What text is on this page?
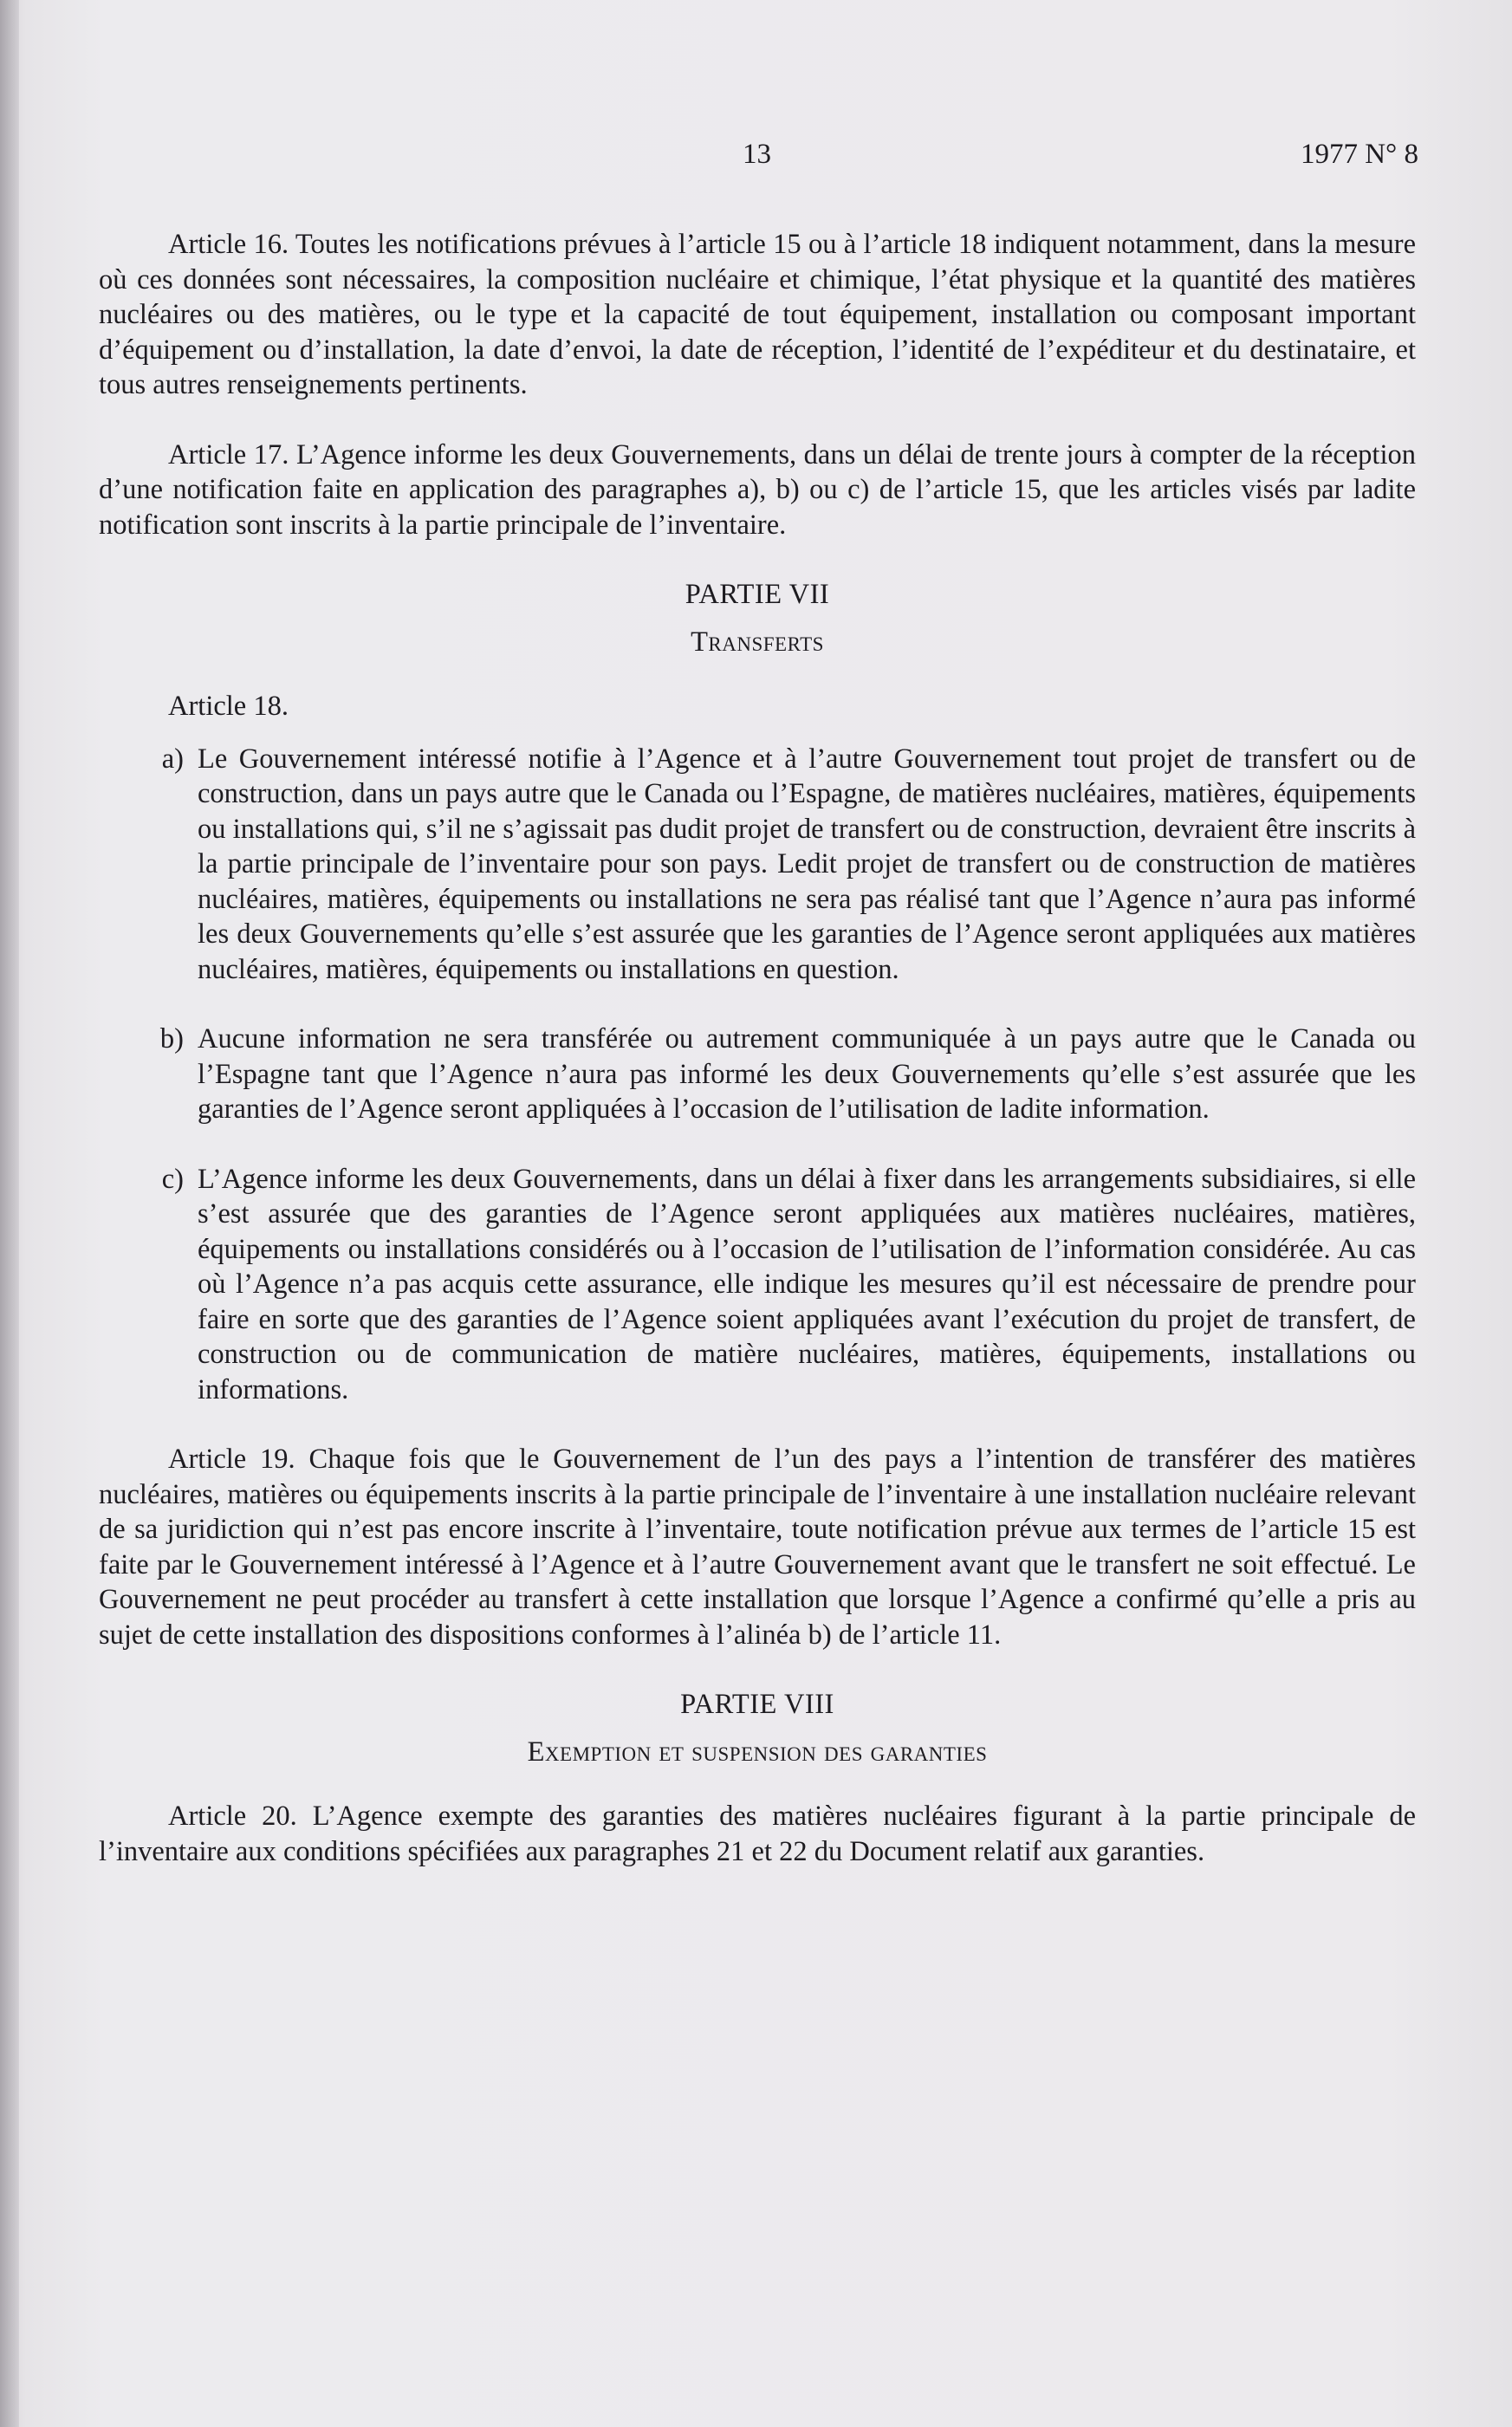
13	1977 N° 8

Article 16. Toutes les notifications prévues à l’article 15 ou à l’article 18 indiquent notamment, dans la mesure où ces données sont nécessaires, la composition nucléaire et chimique, l’état physique et la quantité des matières nucléaires ou des matières, ou le type et la capacité de tout équipement, installation ou composant important d’équipement ou d’installation, la date d’envoi, la date de réception, l’identité de l’expéditeur et du destinataire, et tous autres renseignements pertinents.

Article 17. L’Agence informe les deux Gouvernements, dans un délai de trente jours à compter de la réception d’une notification faite en application des paragraphes a), b) ou c) de l’article 15, que les articles visés par ladite notification sont inscrits à la partie principale de l’inventaire.

PARTIE VII
Transferts

Article 18.

a) Le Gouvernement intéressé notifie à l’Agence et à l’autre Gouvernement tout projet de transfert ou de construction, dans un pays autre que le Canada ou l’Espagne, de matières nucléaires, matières, équipements ou installations qui, s’il ne s’agissait pas dudit projet de transfert ou de construction, devraient être inscrits à la partie principale de l’inventaire pour son pays. Ledit projet de transfert ou de construction de matières nucléaires, matières, équipements ou installations ne sera pas réalisé tant que l’Agence n’aura pas informé les deux Gouvernements qu’elle s’est assurée que les garanties de l’Agence seront appliquées aux matières nucléaires, matières, équipements ou installations en question.
b) Aucune information ne sera transférée ou autrement communiquée à un pays autre que le Canada ou l’Espagne tant que l’Agence n’aura pas informé les deux Gouvernements qu’elle s’est assurée que les garanties de l’Agence seront appliquées à l’occasion de l’utilisation de ladite information.
c) L’Agence informe les deux Gouvernements, dans un délai à fixer dans les arrangements subsidiaires, si elle s’est assurée que des garanties de l’Agence seront appliquées aux matières nucléaires, matières, équipements ou installations considérés ou à l’occasion de l’utilisation de l’information considérée. Au cas où l’Agence n’a pas acquis cette assurance, elle indique les mesures qu’il est nécessaire de prendre pour faire en sorte que des garanties de l’Agence soient appliquées avant l’exécution du projet de transfert, de construction ou de communication de matière nucléaires, matières, équipements, installations ou informations.

Article 19. Chaque fois que le Gouvernement de l’un des pays a l’intention de transférer des matières nucléaires, matières ou équipements inscrits à la partie principale de l’inventaire à une installation nucléaire relevant de sa juridiction qui n’est pas encore inscrite à l’inventaire, toute notification prévue aux termes de l’article 15 est faite par le Gouvernement intéressé à l’Agence et à l’autre Gouvernement avant que le transfert ne soit effectué. Le Gouvernement ne peut procéder au transfert à cette installation que lorsque l’Agence a confirmé qu’elle a pris au sujet de cette installation des dispositions conformes à l’alinéa b) de l’article 11.

PARTIE VIII
Exemption et suspension des garanties

Article 20. L’Agence exempte des garanties des matières nucléaires figurant à la partie principale de l’inventaire aux conditions spécifiées aux paragraphes 21 et 22 du Document relatif aux garanties.
